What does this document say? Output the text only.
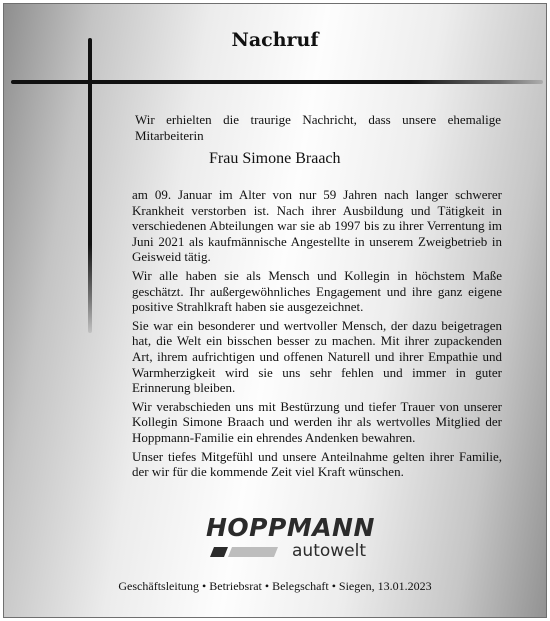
Nachruf

Wir erhielten die traurige Nachricht, dass unsere ehemalige Mitarbeiterin

Frau Simone Braach

am 09. Januar im Alter von nur 59 Jahren nach langer schwerer Krankheit verstorben ist. Nach ihrer Ausbildung und Tätigkeit in verschiedenen Abteilungen war sie ab 1997 bis zu ihrer Verrentung im Juni 2021 als kaufmännische Angestellte in unserem Zweigbetrieb in Geisweid tätig.

Wir alle haben sie als Mensch und Kollegin in höchstem Maße geschätzt. Ihr außergewöhnliches Engagement und ihre ganz eigene positive Strahlkraft haben sie ausgezeichnet.

Sie war ein besonderer und wertvoller Mensch, der dazu beigetragen hat, die Welt ein bisschen besser zu machen. Mit ihrer zupackenden Art, ihrem aufrichtigen und offenen Naturell und ihrer Empathie und Warmherzigkeit wird sie uns sehr fehlen und immer in guter Erinnerung bleiben.

Wir verabschieden uns mit Bestürzung und tiefer Trauer von unserer Kollegin Simone Braach und werden ihr als wertvolles Mitglied der Hoppmann-Familie ein ehrendes Andenken bewahren.

Unser tiefes Mitgefühl und unsere Anteilnahme gelten ihrer Familie, der wir für die kommende Zeit viel Kraft wünschen.

HOPPMANN
autowelt
Geschäftsleitung • Betriebsrat • Belegschaft • Siegen, 13.01.2023
